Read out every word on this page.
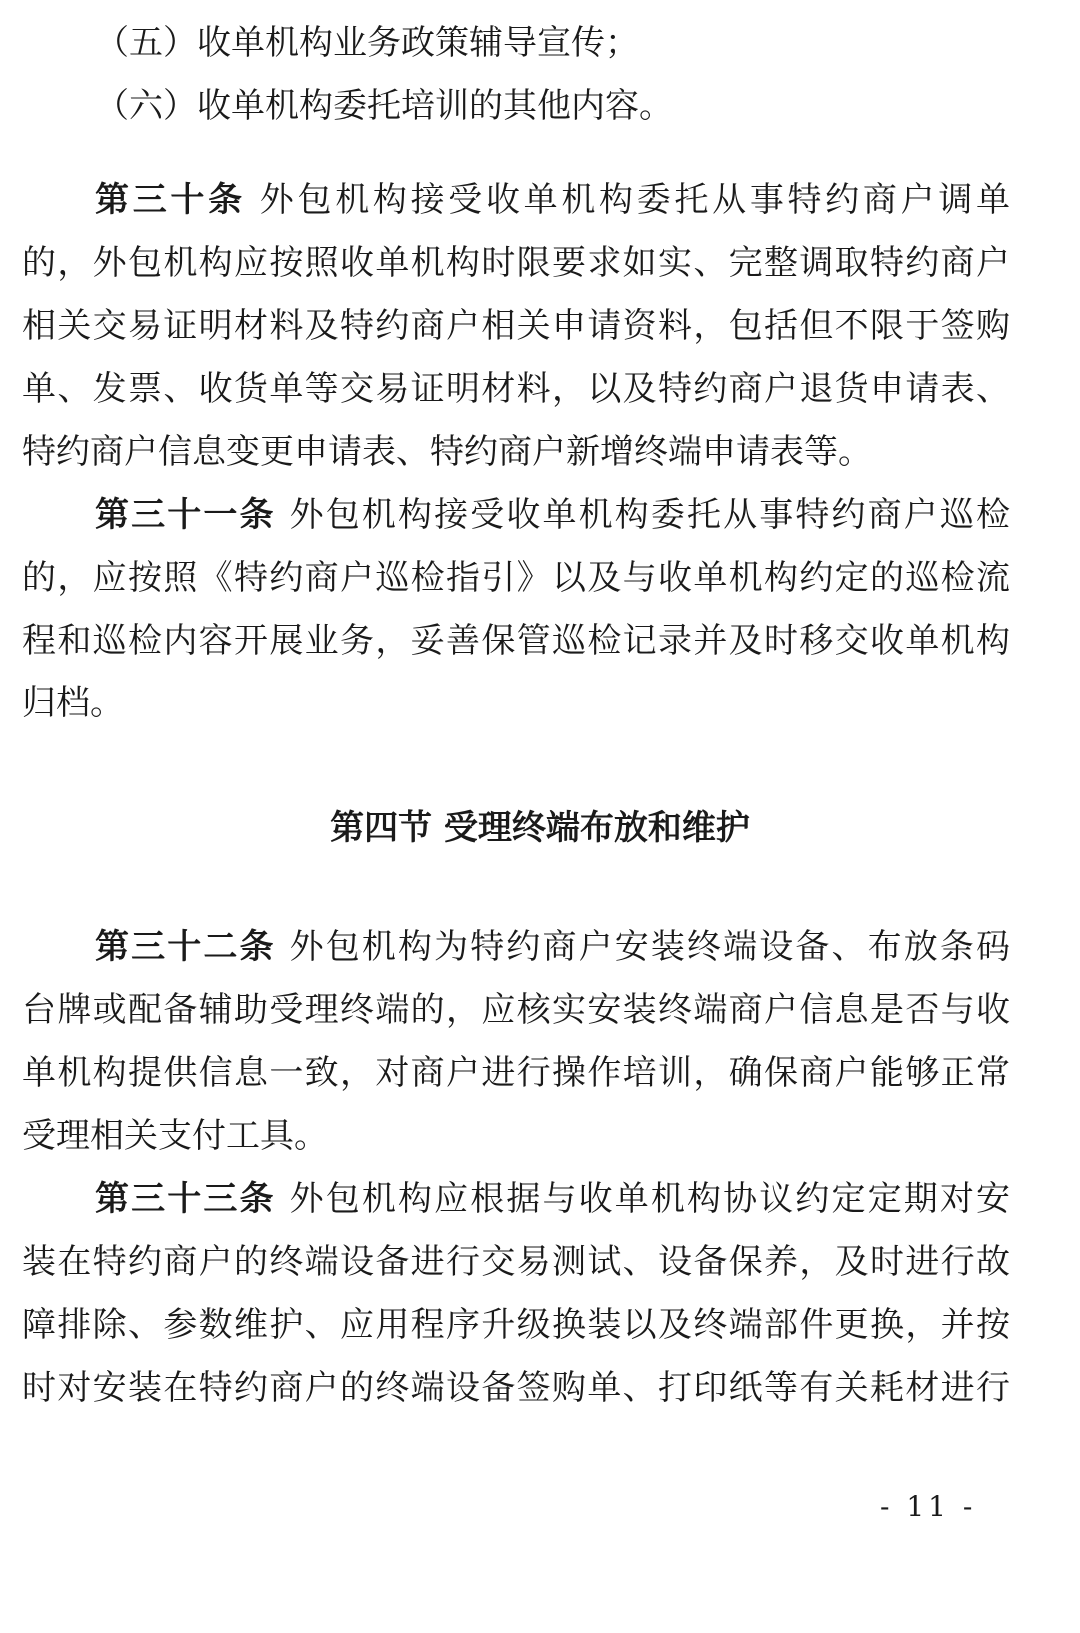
（五）收单机构业务政策辅导宣传；
（六）收单机构委托培训的其他内容。
第三十条 外包机构接受收单机构委托从事特约商户调单
的，外包机构应按照收单机构时限要求如实、完整调取特约商户
相关交易证明材料及特约商户相关申请资料，包括但不限于签购
单、发票、收货单等交易证明材料，以及特约商户退货申请表、
特约商户信息变更申请表、特约商户新增终端申请表等。
第三十一条 外包机构接受收单机构委托从事特约商户巡检
的，应按照《特约商户巡检指引》以及与收单机构约定的巡检流
程和巡检内容开展业务，妥善保管巡检记录并及时移交收单机构
归档。
第四节 受理终端布放和维护
第三十二条 外包机构为特约商户安装终端设备、布放条码
台牌或配备辅助受理终端的，应核实安装终端商户信息是否与收
单机构提供信息一致，对商户进行操作培训，确保商户能够正常
受理相关支付工具。
第三十三条 外包机构应根据与收单机构协议约定定期对安
装在特约商户的终端设备进行交易测试、设备保养，及时进行故
障排除、参数维护、应用程序升级换装以及终端部件更换，并按
时对安装在特约商户的终端设备签购单、打印纸等有关耗材进行
- 11 -
